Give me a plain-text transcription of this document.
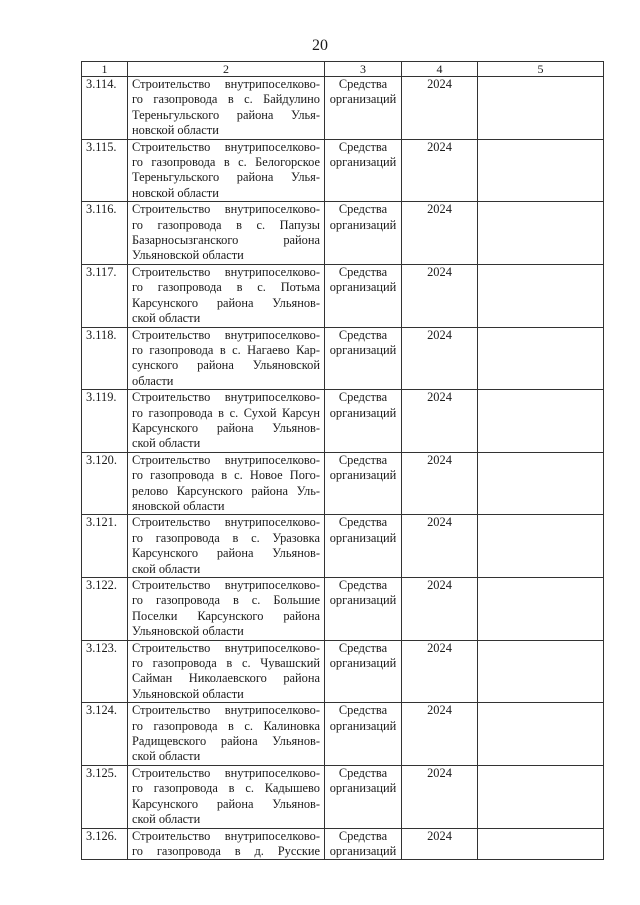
20
1	2	3	4	5
3.114.	Строительство внутрипоселково-
го газопровода в с. Байдулино
Тереньгульского района Улья-
новской области	Средства
организаций	2024	
3.115.	Строительство внутрипоселково-
го газопровода в с. Белогорское
Тереньгульского района Улья-
новской области	Средства
организаций	2024	
3.116.	Строительство внутрипоселково-
го газопровода в с. Папузы
Базарносызганского района
Ульяновской области	Средства
организаций	2024	
3.117.	Строительство внутрипоселково-
го газопровода в с. Потьма
Карсунского района Ульянов-
ской области	Средства
организаций	2024	
3.118.	Строительство внутрипоселково-
го газопровода в с. Нагаево Кар-
сунского района Ульяновской
области	Средства
организаций	2024	
3.119.	Строительство внутрипоселково-
го газопровода в с. Сухой Карсун
Карсунского района Ульянов-
ской области	Средства
организаций	2024	
3.120.	Строительство внутрипоселково-
го газопровода в с. Новое Пого-
релово Карсунского района Уль-
яновской области	Средства
организаций	2024	
3.121.	Строительство внутрипоселково-
го газопровода в с. Уразовка
Карсунского района Ульянов-
ской области	Средства
организаций	2024	
3.122.	Строительство внутрипоселково-
го газопровода в с. Большие
Поселки Карсунского района
Ульяновской области	Средства
организаций	2024	
3.123.	Строительство внутрипоселково-
го газопровода в с. Чувашский
Сайман Николаевского района
Ульяновской области	Средства
организаций	2024	
3.124.	Строительство внутрипоселково-
го газопровода в с. Калиновка
Радищевского района Ульянов-
ской области	Средства
организаций	2024	
3.125.	Строительство внутрипоселково-
го газопровода в с. Кадышево
Карсунского района Ульянов-
ской области	Средства
организаций	2024	
3.126.	Строительство внутрипоселково-
го газопровода в д. Русские	Средства
организаций	2024	
